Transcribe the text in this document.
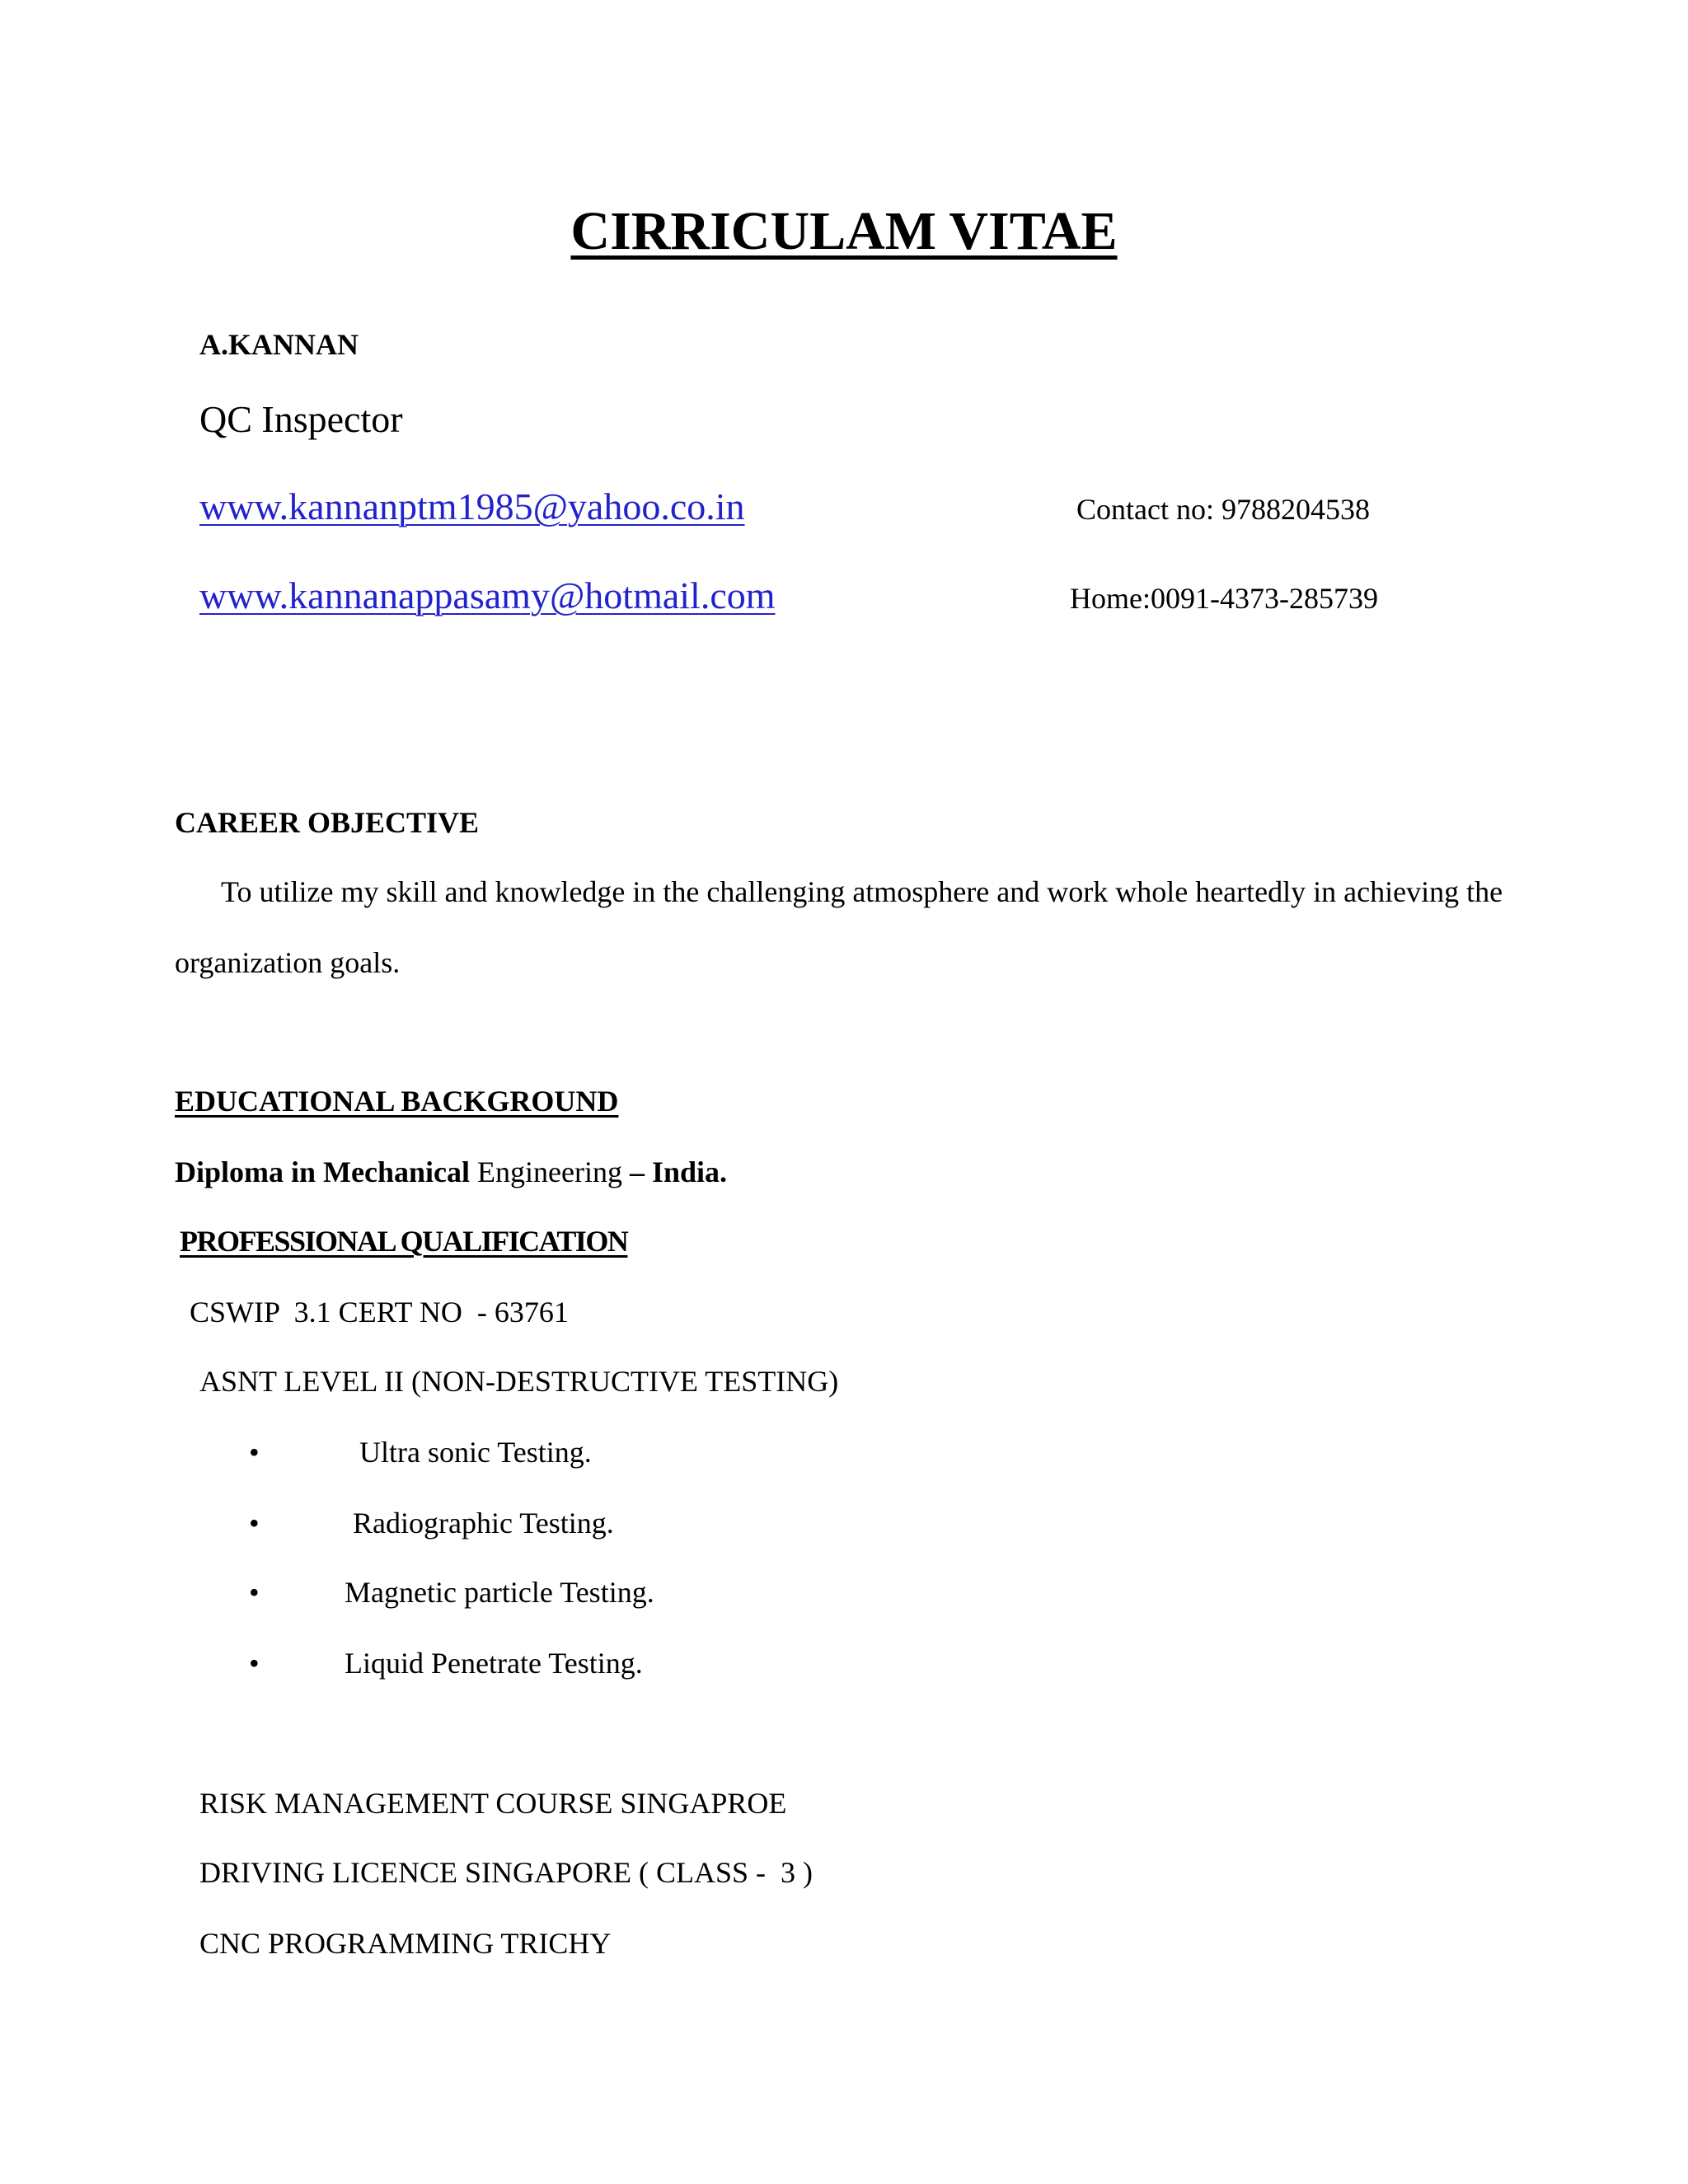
CIRRICULAM VITAE
A.KANNAN
QC Inspector
www.kannanptm1985@yahoo.co.in	Contact no: 9788204538
www.kannanappasamy@hotmail.com	Home:0091-4373-285739
CAREER OBJECTIVE
To utilize my skill and knowledge in the challenging atmosphere and work whole heartedly in achieving the
organization goals.
EDUCATIONAL BACKGROUND
Diploma in Mechanical Engineering – India.
PROFESSIONAL QUALIFICATION
CSWIP  3.1 CERT NO  - 63761
ASNT LEVEL II (NON-DESTRUCTIVE TESTING)
•	Ultra sonic Testing.
•	Radiographic Testing.
•	Magnetic particle Testing.
•	Liquid Penetrate Testing.
RISK MANAGEMENT COURSE SINGAPROE
DRIVING LICENCE SINGAPORE ( CLASS -  3 )
CNC PROGRAMMING TRICHY
